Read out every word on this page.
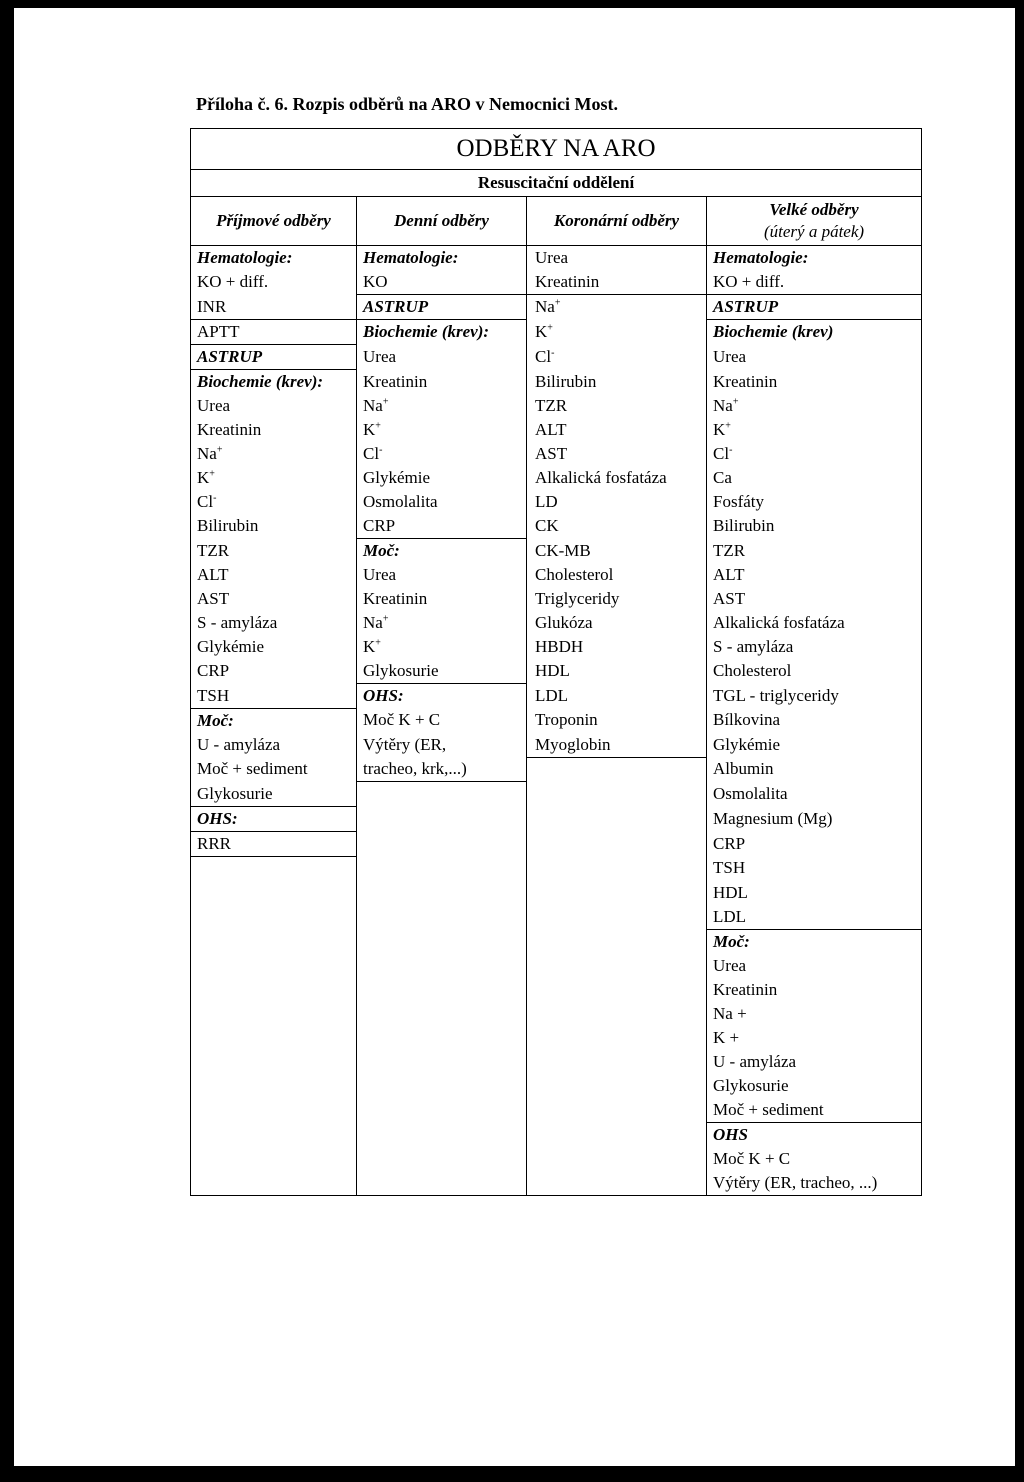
Příloha č. 6. Rozpis odběrů na ARO v Nemocnici Most.
ODBĚRY NA ARO			
Resuscitační oddělení			
Příjmové odběry	Denní odběry	Koronární odběry	Velké odběry
(úterý a pátek)
Hematologie:	Hematologie:	Urea	Hematologie:
KO + diff.	KO	Kreatinin	KO + diff.
INR	ASTRUP	Na+	ASTRUP
APTT	Biochemie (krev):	K+	Biochemie (krev)
ASTRUP	Urea	Cl-	Urea
Biochemie (krev):	Kreatinin	Bilirubin	Kreatinin
Urea	Na+	TZR	Na+
Kreatinin	K+	ALT	K+
Na+	Cl-	AST	Cl-
K+	Glykémie	Alkalická fosfatáza	Ca
Cl-	Osmolalita	LD	Fosfáty
Bilirubin	CRP	CK	Bilirubin
TZR	Moč:	CK-MB	TZR
ALT	Urea	Cholesterol	ALT
AST	Kreatinin	Triglyceridy	AST
S - amyláza	Na+	Glukóza	Alkalická fosfatáza
Glykémie	K+	HBDH	S - amyláza
CRP	Glykosurie	HDL	Cholesterol
TSH	OHS:	LDL	TGL - triglyceridy
Moč:	Moč K + C	Troponin	Bílkovina
U - amyláza	Výtěry (ER,	Myoglobin	Glykémie
Moč + sediment	tracheo, krk,...)		Albumin
Glykosurie			Osmolalita
OHS:			Magnesium (Mg)
RRR			CRP
			TSH
			HDL
			LDL
			Moč:
			Urea
			Kreatinin
			Na +
			K +
			U - amyláza
			Glykosurie
			Moč + sediment
			OHS
			Moč K + C
			Výtěry (ER, tracheo, ...)
